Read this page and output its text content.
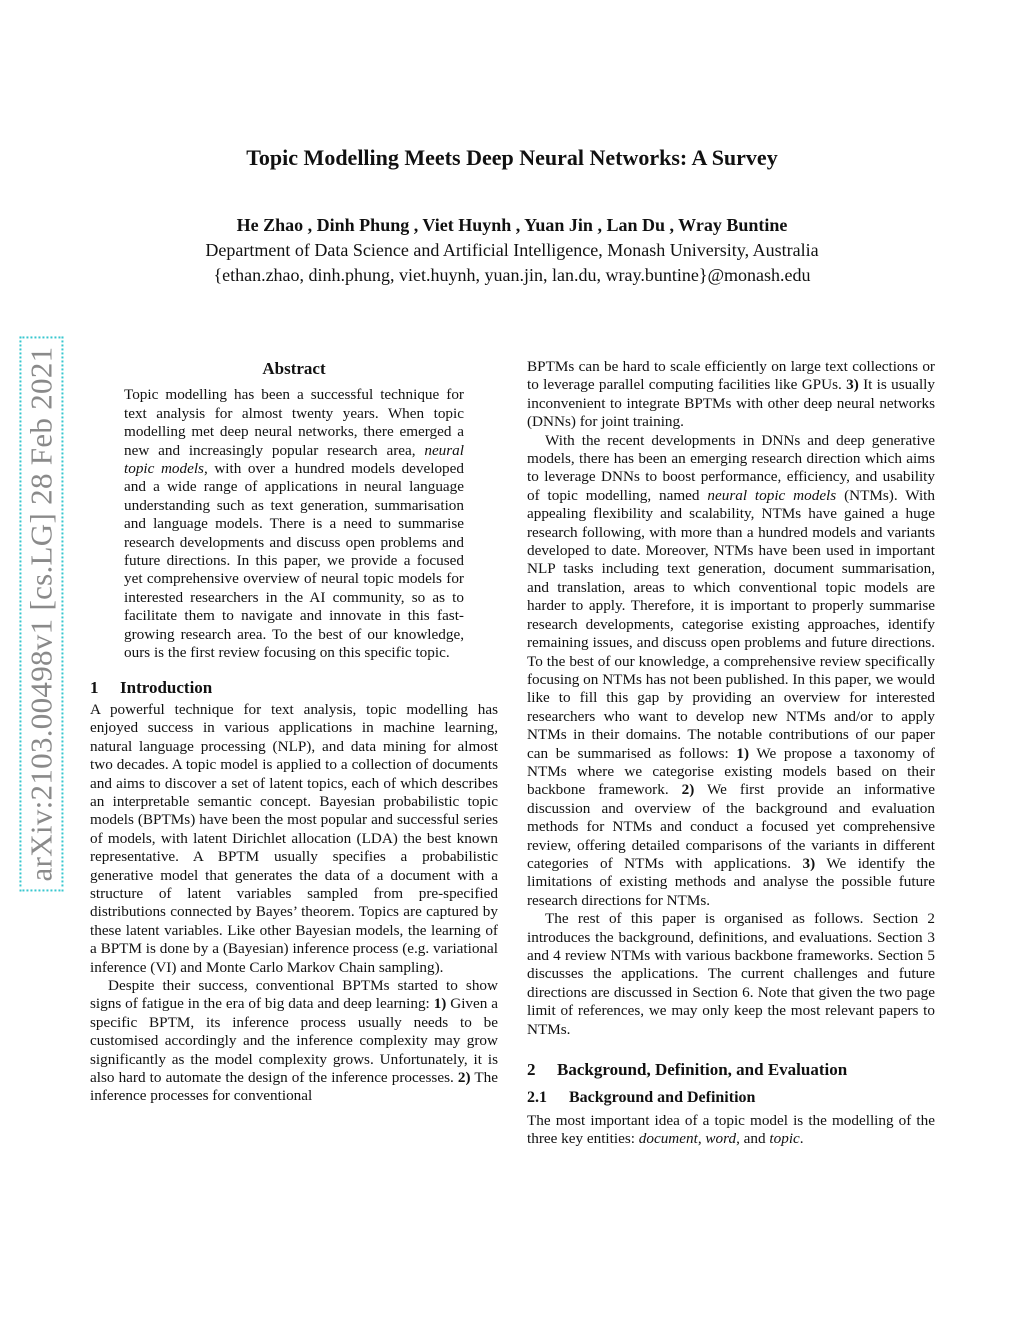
arXiv:2103.00498v1 [cs.LG] 28 Feb 2021
Topic Modelling Meets Deep Neural Networks: A Survey
He Zhao , Dinh Phung , Viet Huynh , Yuan Jin , Lan Du , Wray Buntine
Department of Data Science and Artificial Intelligence, Monash University, Australia
{ethan.zhao, dinh.phung, viet.huynh, yuan.jin, lan.du, wray.buntine}@monash.edu
Abstract
Topic modelling has been a successful technique for text analysis for almost twenty years. When topic modelling met deep neural networks, there emerged a new and increasingly popular research area, neural topic models, with over a hundred models developed and a wide range of applications in neural language understanding such as text generation, summarisation and language models. There is a need to summarise research developments and discuss open problems and future directions. In this paper, we provide a focused yet comprehensive overview of neural topic models for interested researchers in the AI community, so as to facilitate them to navigate and innovate in this fast-growing research area. To the best of our knowledge, ours is the first review focusing on this specific topic.
1 Introduction

A powerful technique for text analysis, topic modelling has enjoyed success in various applications in machine learning, natural language processing (NLP), and data mining for almost two decades. A topic model is applied to a collection of documents and aims to discover a set of latent topics, each of which describes an interpretable semantic concept. Bayesian probabilistic topic models (BPTMs) have been the most popular and successful series of models, with latent Dirichlet allocation (LDA) the best known representative. A BPTM usually specifies a probabilistic generative model that generates the data of a document with a structure of latent variables sampled from pre-specified distributions connected by Bayes’ theorem. Topics are captured by these latent variables. Like other Bayesian models, the learning of a BPTM is done by a (Bayesian) inference process (e.g. variational inference (VI) and Monte Carlo Markov Chain sampling).

Despite their success, conventional BPTMs started to show signs of fatigue in the era of big data and deep learning: 1) Given a specific BPTM, its inference process usually needs to be customised accordingly and the inference complexity may grow significantly as the model complexity grows. Unfortunately, it is also hard to automate the design of the inference processes. 2) The inference processes for conventional

BPTMs can be hard to scale efficiently on large text collections or to leverage parallel computing facilities like GPUs. 3) It is usually inconvenient to integrate BPTMs with other deep neural networks (DNNs) for joint training.

With the recent developments in DNNs and deep generative models, there has been an emerging research direction which aims to leverage DNNs to boost performance, efficiency, and usability of topic modelling, named neural topic models (NTMs). With appealing flexibility and scalability, NTMs have gained a huge research following, with more than a hundred models and variants developed to date. Moreover, NTMs have been used in important NLP tasks including text generation, document summarisation, and translation, areas to which conventional topic models are harder to apply. Therefore, it is important to properly summarise research developments, categorise existing approaches, identify remaining issues, and discuss open problems and future directions. To the best of our knowledge, a comprehensive review specifically focusing on NTMs has not been published. In this paper, we would like to fill this gap by providing an overview for interested researchers who want to develop new NTMs and/or to apply NTMs in their domains. The notable contributions of our paper can be summarised as follows: 1) We propose a taxonomy of NTMs where we categorise existing models based on their backbone framework. 2) We first provide an informative discussion and overview of the background and evaluation methods for NTMs and conduct a focused yet comprehensive review, offering detailed comparisons of the variants in different categories of NTMs with applications. 3) We identify the limitations of existing methods and analyse the possible future research directions for NTMs.

The rest of this paper is organised as follows. Section 2 introduces the background, definitions, and evaluations. Section 3 and 4 review NTMs with various backbone frameworks. Section 5 discusses the applications. The current challenges and future directions are discussed in Section 6. Note that given the two page limit of references, we may only keep the most relevant papers to NTMs.

2 Background, Definition, and Evaluation
2.1 Background and Definition

The most important idea of a topic model is the modelling of the three key entities: document, word, and topic.
